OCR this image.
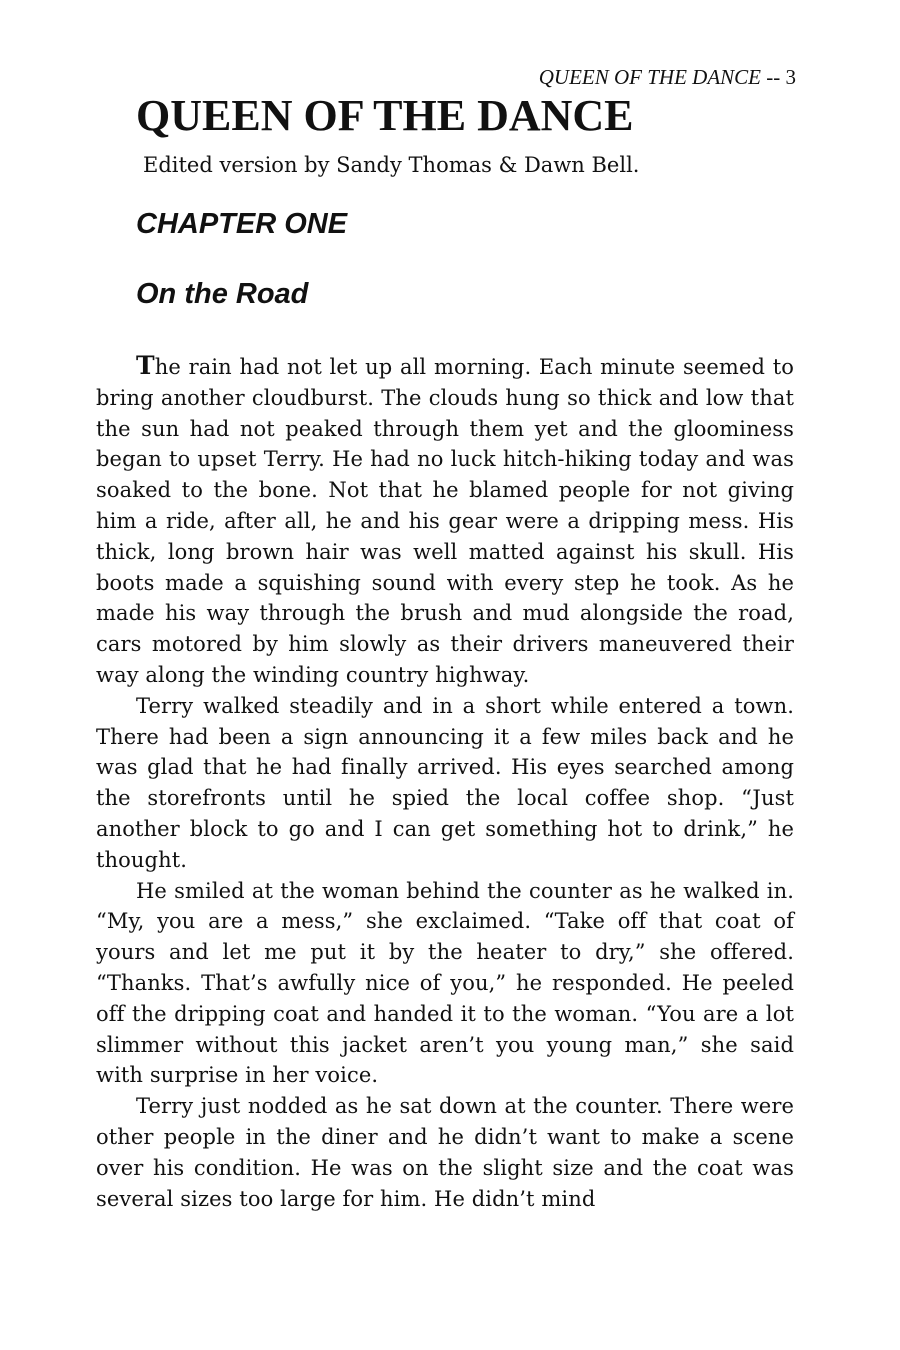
QUEEN OF THE DANCE -- 3
QUEEN OF THE DANCE
Edited version by Sandy Thomas & Dawn Bell.
CHAPTER ONE
On the Road

The rain had not let up all morning. Each minute seemed to bring another cloudburst. The clouds hung so thick and low that the sun had not peaked through them yet and the gloominess began to upset Terry. He had no luck hitch-hiking today and was soaked to the bone. Not that he blamed people for not giving him a ride, after all, he and his gear were a dripping mess. His thick, long brown hair was well matted against his skull. His boots made a squishing sound with every step he took. As he made his way through the brush and mud alongside the road, cars motored by him slowly as their drivers maneuvered their way along the winding country highway.

Terry walked steadily and in a short while entered a town. There had been a sign announcing it a few miles back and he was glad that he had finally arrived. His eyes searched among the storefronts until he spied the local coffee shop. “Just another block to go and I can get something hot to drink,” he thought.

He smiled at the woman behind the counter as he walked in. “My, you are a mess,” she exclaimed. “Take off that coat of yours and let me put it by the heater to dry,” she offered. “Thanks. That’s awfully nice of you,” he responded. He peeled off the dripping coat and handed it to the woman. “You are a lot slimmer without this jacket aren’t you young man,” she said with surprise in her voice.

Terry just nodded as he sat down at the counter. There were other people in the diner and he didn’t want to make a scene over his condition. He was on the slight size and the coat was several sizes too large for him. He didn’t mind
